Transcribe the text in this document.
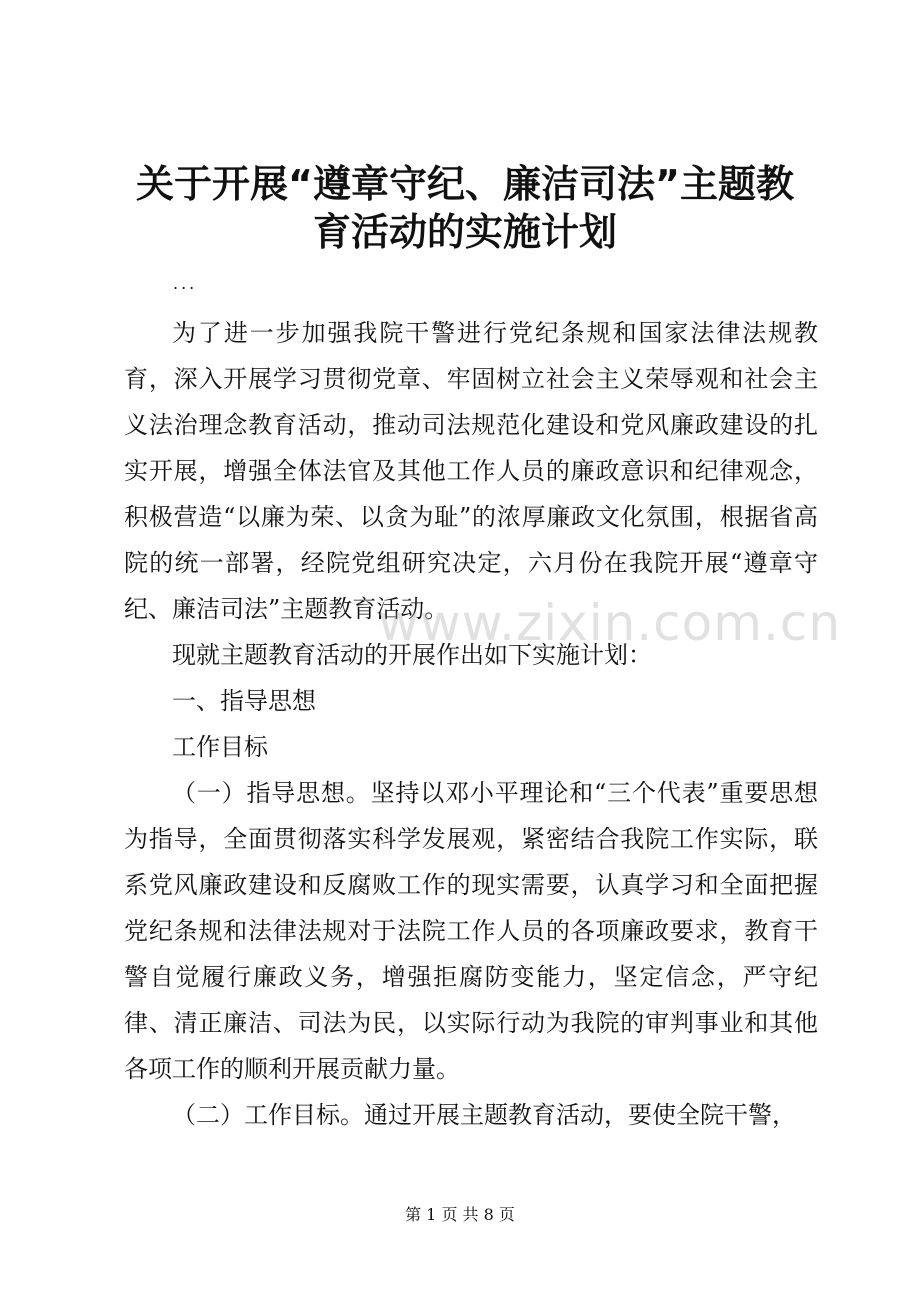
关于开展“遵章守纪、廉洁司法”主题教育活动的实施计划
...

为了进一步加强我院干警进行党纪条规和国家法律法规教育，深入开展学习贯彻党章、牢固树立社会主义荣辱观和社会主义法治理念教育活动，推动司法规范化建设和党风廉政建设的扎实开展，增强全体法官及其他工作人员的廉政意识和纪律观念，积极营造“以廉为荣、以贪为耻”的浓厚廉政文化氛围，根据省高院的统一部署，经院党组研究决定，六月份在我院开展“遵章守纪、廉洁司法”主题教育活动。

现就主题教育活动的开展作出如下实施计划：

一、指导思想

工作目标

（一）指导思想。坚持以邓小平理论和“三个代表”重要思想为指导，全面贯彻落实科学发展观，紧密结合我院工作实际，联系党风廉政建设和反腐败工作的现实需要，认真学习和全面把握党纪条规和法律法规对于法院工作人员的各项廉政要求，教育干警自觉履行廉政义务，增强拒腐防变能力，坚定信念，严守纪律、清正廉洁、司法为民，以实际行动为我院的审判事业和其他各项工作的顺利开展贡献力量。

（二）工作目标。通过开展主题教育活动，要使全院干警，

www.zixin.com.cn
第 1 页 共 8 页
